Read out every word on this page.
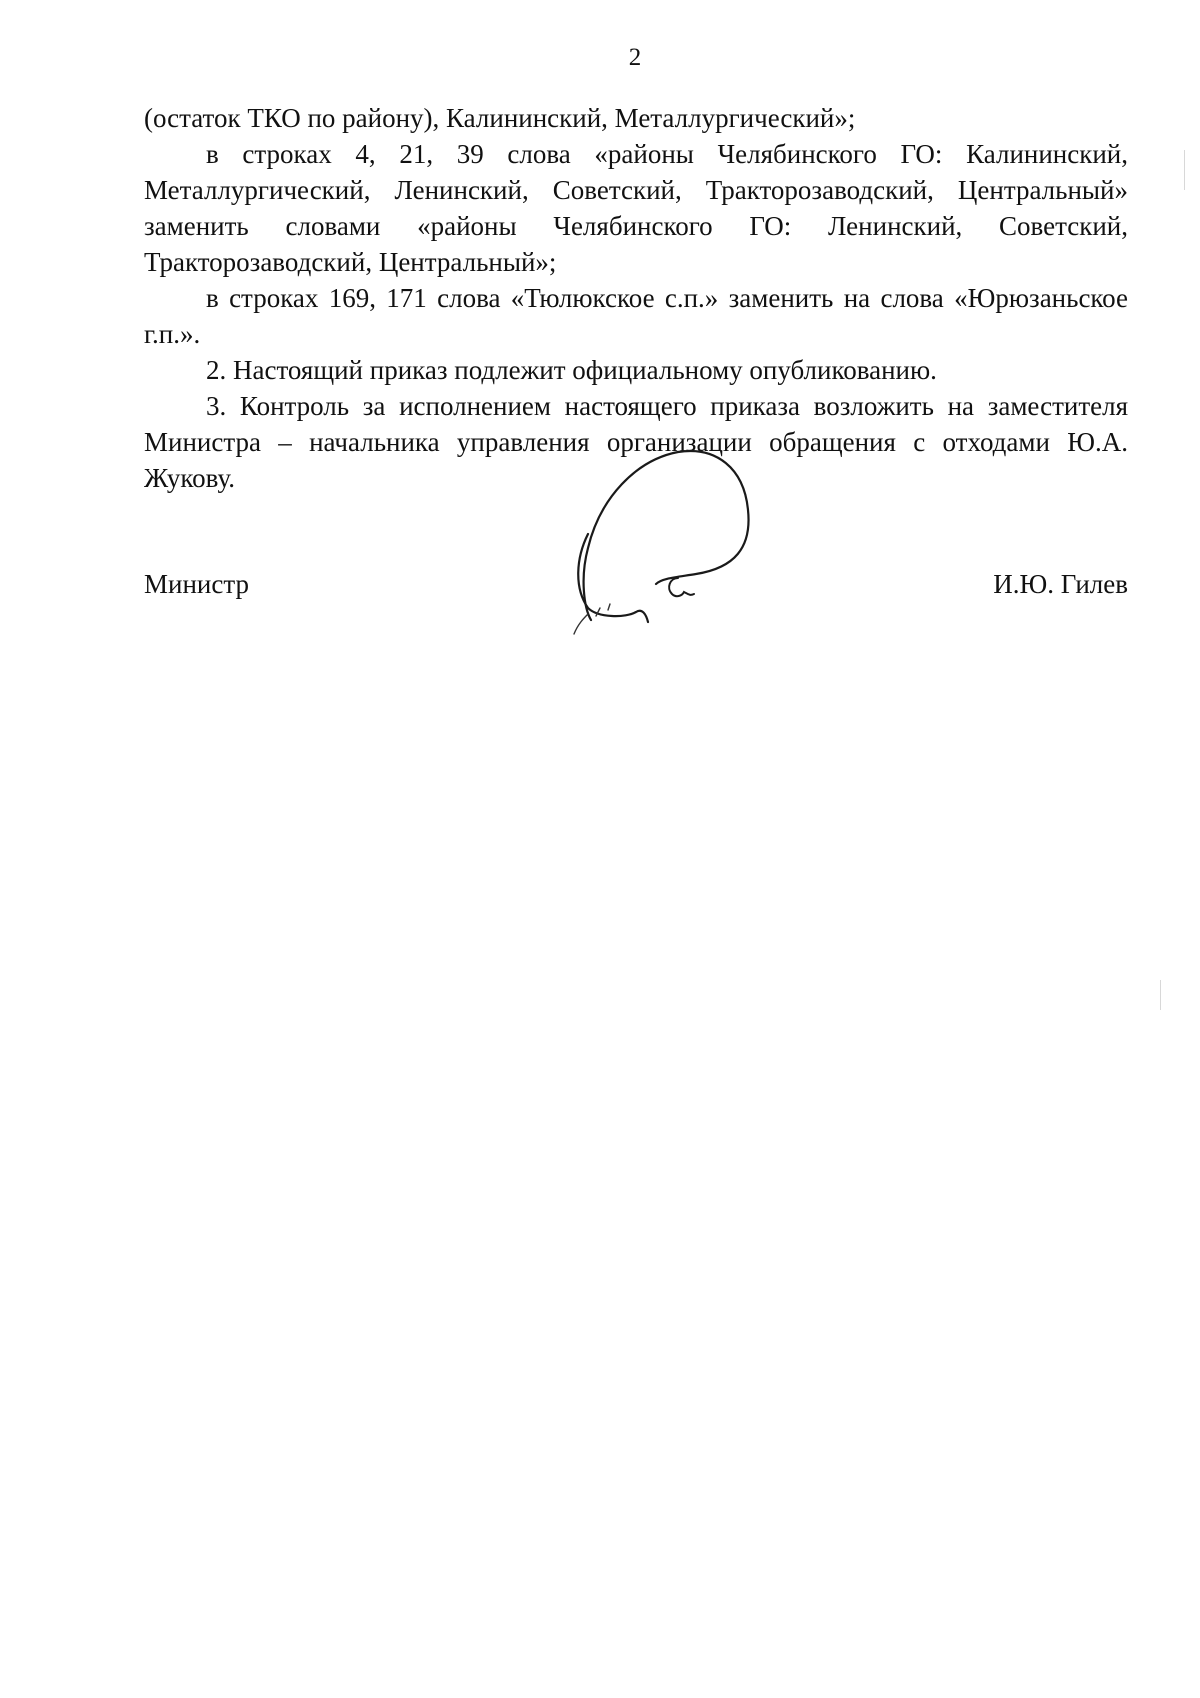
2

(остаток ТКО по району), Калининский, Металлургический»;

в строках 4, 21, 39 слова «районы Челябинского ГО: Калининский, Металлургический, Ленинский, Советский, Тракторозаводский, Центральный» заменить словами «районы Челябинского ГО: Ленинский, Советский, Тракторозаводский, Центральный»;

в строках 169, 171 слова «Тюлюкское с.п.» заменить на слова «Юрюзаньское г.п.».

2. Настоящий приказ подлежит официальному опубликованию.

3. Контроль за исполнением настоящего приказа возложить на заместителя Министра – начальника управления организации обращения с отходами Ю.А. Жукову.

Министр	И.Ю. Гилев
